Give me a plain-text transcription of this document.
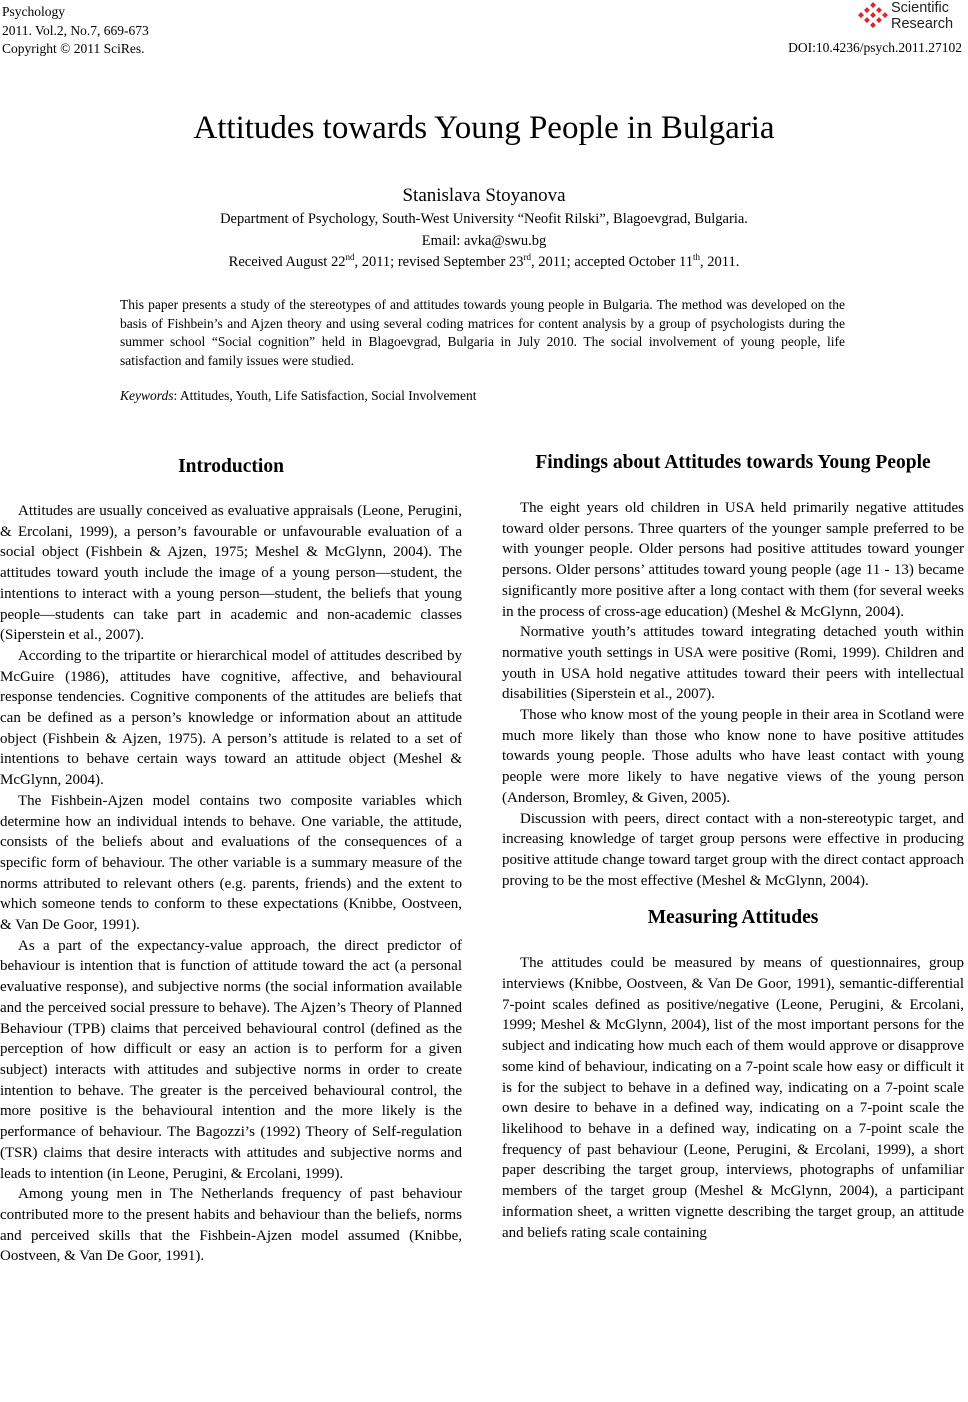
Psychology
2011. Vol.2, No.7, 669-673
Copyright © 2011 SciRes.
Scientific
Research
DOI:10.4236/psych.2011.27102
Attitudes towards Young People in Bulgaria
Stanislava Stoyanova
Department of Psychology, South-West University “Neofit Rilski”, Blagoevgrad, Bulgaria.
Email: avka@swu.bg
Received August 22nd, 2011; revised September 23rd, 2011; accepted October 11th, 2011.
This paper presents a study of the stereotypes of and attitudes towards young people in Bulgaria. The method was developed on the basis of Fishbein’s and Ajzen theory and using several coding matrices for content analysis by a group of psychologists during the summer school “Social cognition” held in Blagoevgrad, Bulgaria in July 2010. The social involvement of young people, life satisfaction and family issues were studied.
Keywords: Attitudes, Youth, Life Satisfaction, Social Involvement
Introduction

Attitudes are usually conceived as evaluative appraisals (Leone, Perugini, & Ercolani, 1999), a person’s favourable or unfavourable evaluation of a social object (Fishbein & Ajzen, 1975; Meshel & McGlynn, 2004). The attitudes toward youth include the image of a young person—student, the intentions to interact with a young person—student, the beliefs that young people—students can take part in academic and non-academic classes (Siperstein et al., 2007).

According to the tripartite or hierarchical model of attitudes described by McGuire (1986), attitudes have cognitive, affective, and behavioural response tendencies. Cognitive components of the attitudes are beliefs that can be defined as a person’s knowledge or information about an attitude object (Fishbein & Ajzen, 1975). A person’s attitude is related to a set of intentions to behave certain ways toward an attitude object (Meshel & McGlynn, 2004).

The Fishbein-Ajzen model contains two composite variables which determine how an individual intends to behave. One variable, the attitude, consists of the beliefs about and evaluations of the consequences of a specific form of behaviour. The other variable is a summary measure of the norms attributed to relevant others (e.g. parents, friends) and the extent to which someone tends to conform to these expectations (Knibbe, Oostveen, & Van De Goor, 1991).

As a part of the expectancy-value approach, the direct predictor of behaviour is intention that is function of attitude toward the act (a personal evaluative response), and subjective norms (the social information available and the perceived social pressure to behave). The Ajzen’s Theory of Planned Behaviour (TPB) claims that perceived behavioural control (defined as the perception of how difficult or easy an action is to perform for a given subject) interacts with attitudes and subjective norms in order to create intention to behave. The greater is the perceived behavioural control, the more positive is the behavioural intention and the more likely is the performance of behaviour. The Bagozzi’s (1992) Theory of Self-regulation (TSR) claims that desire interacts with attitudes and subjective norms and leads to intention (in Leone, Perugini, & Ercolani, 1999).

Among young men in The Netherlands frequency of past behaviour contributed more to the present habits and behaviour than the beliefs, norms and perceived skills that the Fishbein-Ajzen model assumed (Knibbe, Oostveen, & Van De Goor, 1991).

Findings about Attitudes towards Young People

The eight years old children in USA held primarily negative attitudes toward older persons. Three quarters of the younger sample preferred to be with younger people. Older persons had positive attitudes toward younger persons. Older persons’ attitudes toward young people (age 11 - 13) became significantly more positive after a long contact with them (for several weeks in the process of cross-age education) (Meshel & McGlynn, 2004).

Normative youth’s attitudes toward integrating detached youth within normative youth settings in USA were positive (Romi, 1999). Children and youth in USA hold negative attitudes toward their peers with intellectual disabilities (Siperstein et al., 2007).

Those who know most of the young people in their area in Scotland were much more likely than those who know none to have positive attitudes towards young people. Those adults who have least contact with young people were more likely to have negative views of the young person (Anderson, Bromley, & Given, 2005).

Discussion with peers, direct contact with a non-stereotypic target, and increasing knowledge of target group persons were effective in producing positive attitude change toward target group with the direct contact approach proving to be the most effective (Meshel & McGlynn, 2004).

Measuring Attitudes

The attitudes could be measured by means of questionnaires, group interviews (Knibbe, Oostveen, & Van De Goor, 1991), semantic-differential 7-point scales defined as positive/negative (Leone, Perugini, & Ercolani, 1999; Meshel & McGlynn, 2004), list of the most important persons for the subject and indicating how much each of them would approve or disapprove some kind of behaviour, indicating on a 7-point scale how easy or difficult it is for the subject to behave in a defined way, indicating on a 7-point scale own desire to behave in a defined way, indicating on a 7-point scale the likelihood to behave in a defined way, indicating on a 7-point scale the frequency of past behaviour (Leone, Perugini, & Ercolani, 1999), a short paper describing the target group, interviews, photographs of unfamiliar members of the target group (Meshel & McGlynn, 2004), a participant information sheet, a written vignette describing the target group, an attitude and beliefs rating scale containing
